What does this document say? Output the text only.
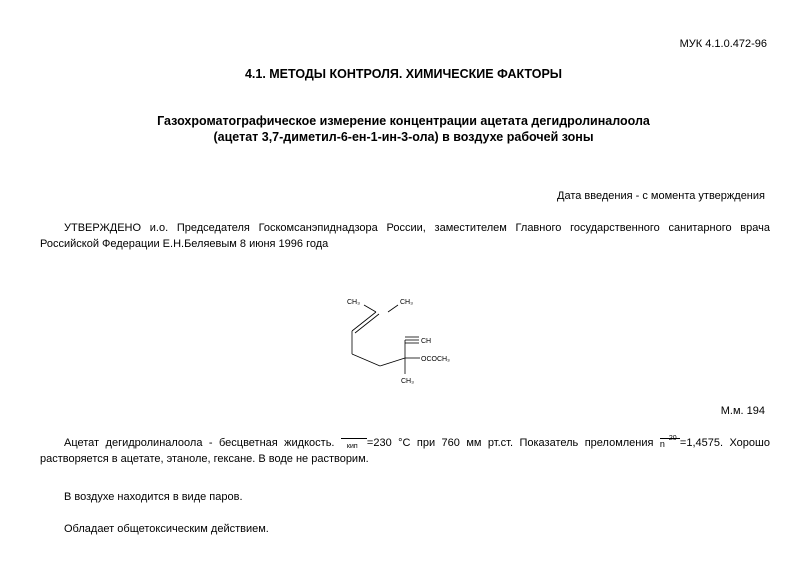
МУК 4.1.0.472-96
4.1. МЕТОДЫ КОНТРОЛЯ. ХИМИЧЕСКИЕ ФАКТОРЫ
Газохроматографическое измерение концентрации ацетата дегидролиналоола
(ацетат 3,7-диметил-6-ен-1-ин-3-ола) в воздухе рабочей зоны
Дата введения - с момента утверждения
УТВЕРЖДЕНО и.о. Председателя Госкомсанэпиднадзора России, заместителем Главного государственного санитарного врача Российской Федерации Е.Н.Беляевым 8 июня 1996 года
CH₃	CH₃
CH
OCOCH₃
CH₃
М.м. 194
Ацетат дегидролиналоола - бесцветная жидкость. кип =230 °С при 760 мм рт.ст. Показатель преломления n
20 =1,4575. Хорошо растворяется в ацетате, этаноле, гексане. В воде не растворим.
В воздухе находится в виде паров.
Обладает общетоксическим действием.
